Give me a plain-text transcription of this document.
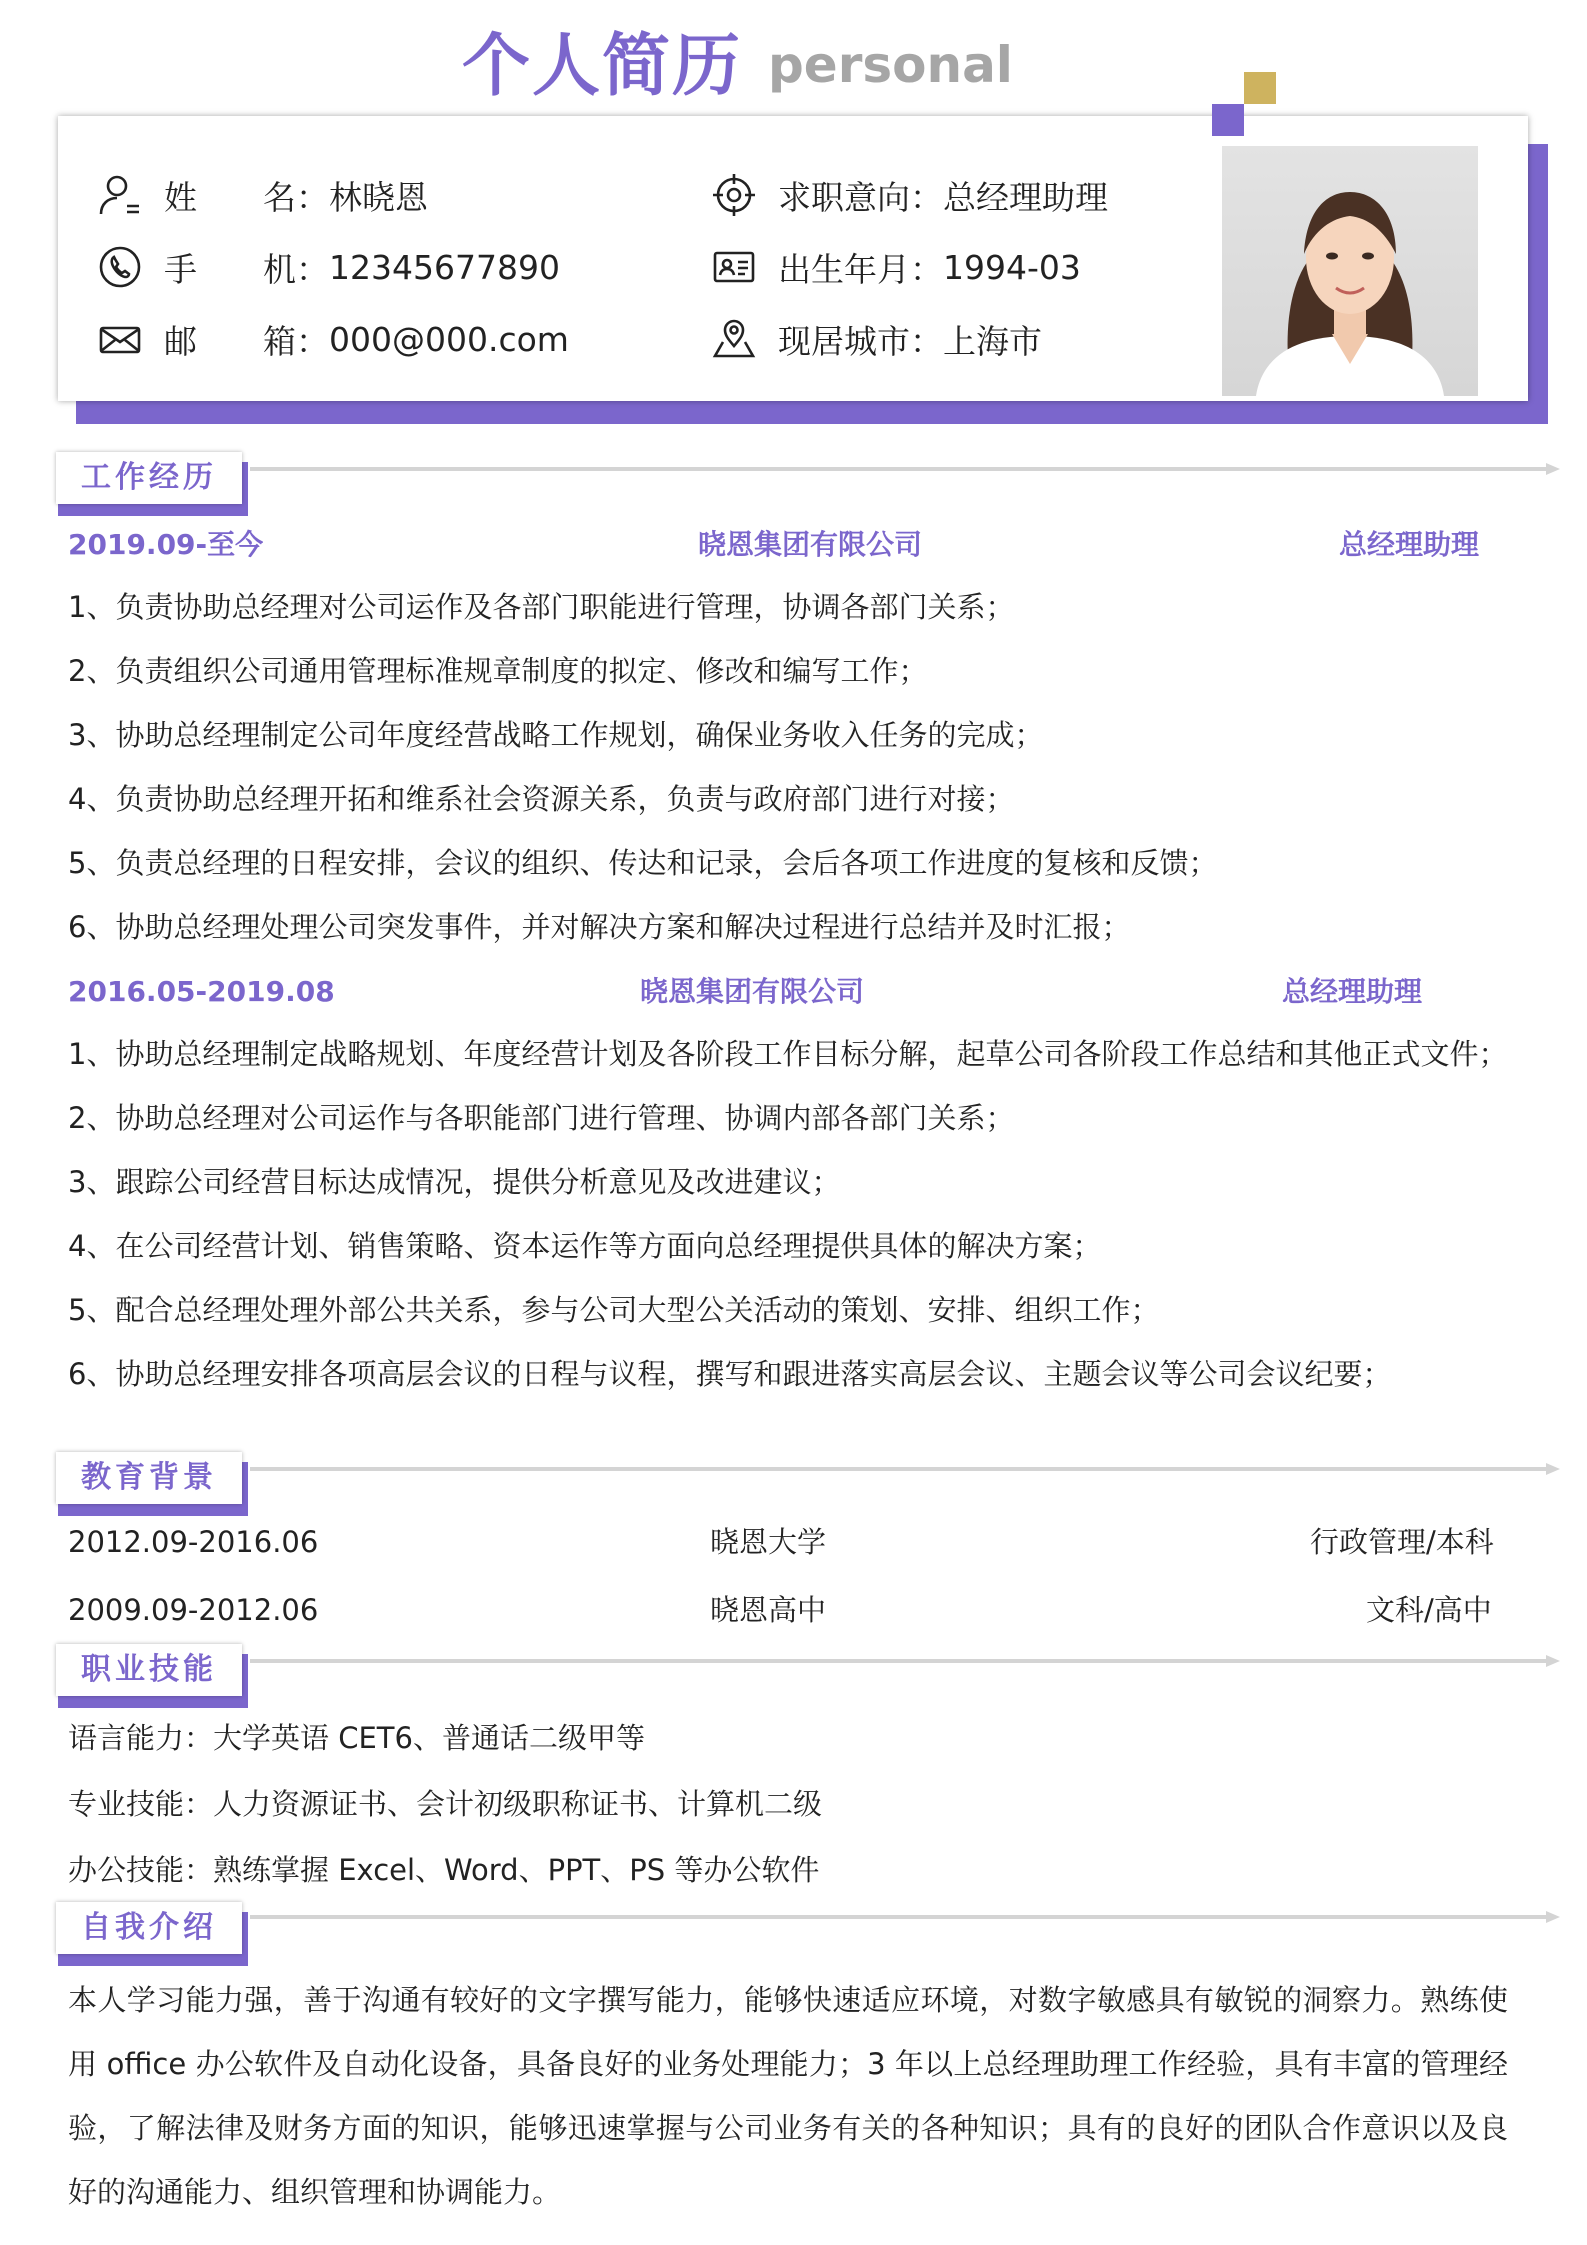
个人简历 personal
姓　　名： 林晓恩
手　　机： 12345677890
邮　　箱： 000@000.com
求职意向： 总经理助理
出生年月： 1994-03
现居城市： 上海市
工作经历
2019.09-至今	晓恩集团有限公司	总经理助理
1、负责协助总经理对公司运作及各部门职能进行管理，协调各部门关系；
2、负责组织公司通用管理标准规章制度的拟定、修改和编写工作；
3、协助总经理制定公司年度经营战略工作规划，确保业务收入任务的完成；
4、负责协助总经理开拓和维系社会资源关系，负责与政府部门进行对接；
5、负责总经理的日程安排，会议的组织、传达和记录，会后各项工作进度的复核和反馈；
6、协助总经理处理公司突发事件，并对解决方案和解决过程进行总结并及时汇报；
2016.05-2019.08	晓恩集团有限公司	总经理助理
1、协助总经理制定战略规划、年度经营计划及各阶段工作目标分解，起草公司各阶段工作总结和其他正式文件；
2、协助总经理对公司运作与各职能部门进行管理、协调内部各部门关系；
3、跟踪公司经营目标达成情况，提供分析意见及改进建议；
4、在公司经营计划、销售策略、资本运作等方面向总经理提供具体的解决方案；
5、配合总经理处理外部公共关系，参与公司大型公关活动的策划、安排、组织工作；
6、协助总经理安排各项高层会议的日程与议程，撰写和跟进落实高层会议、主题会议等公司会议纪要；
教育背景
2012.09-2016.06	晓恩大学	行政管理/本科
2009.09-2012.06	晓恩高中	文科/高中
职业技能
语言能力：大学英语 CET6、普通话二级甲等
专业技能：人力资源证书、会计初级职称证书、计算机二级
办公技能：熟练掌握 Excel、Word、PPT、PS 等办公软件
自我介绍
本人学习能力强，善于沟通有较好的文字撰写能力，能够快速适应环境，对数字敏感具有敏锐的洞察力。熟练使用 office 办公软件及自动化设备，具备良好的业务处理能力；3 年以上总经理助理工作经验，具有丰富的管理经验，了解法律及财务方面的知识，能够迅速掌握与公司业务有关的各种知识；具有的良好的团队合作意识以及良好的沟通能力、组织管理和协调能力。
